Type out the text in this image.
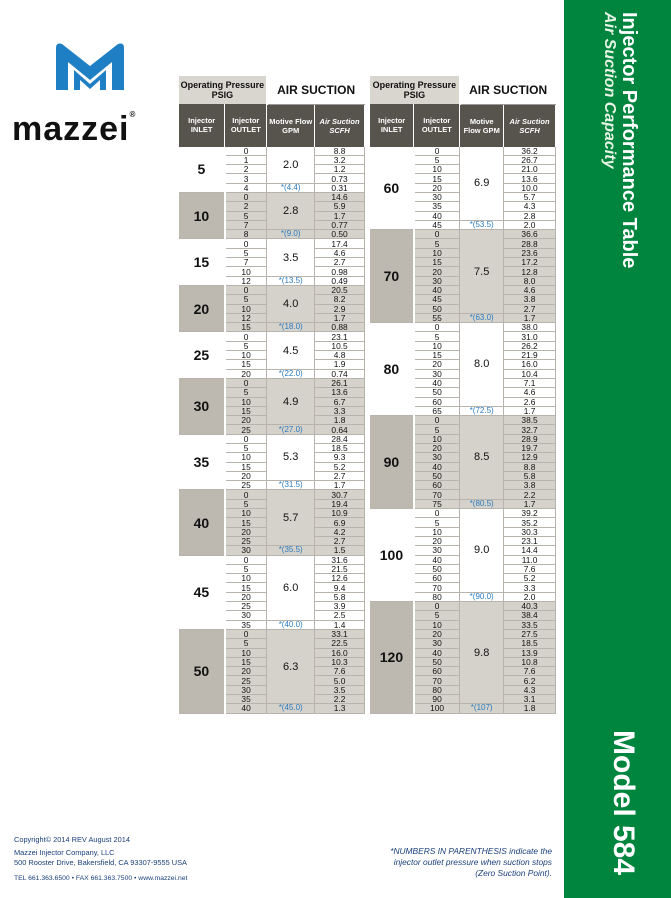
mazzei®	Injector Performance Table
Air Suction Capacity
Model 584
Operating Pressure
PSIG		AIR SUCTION	
Injector INLET	Injector OUTLET	Motive Flow GPM	Air Suction SCFH
5	0	2.0	8.8
	1		3.2
	2		1.2
	3		0.73
	4	*(4.4)	0.31
10	0	2.8	14.6
	2		5.9
	5		1.7
	7		0.77
	8	*(9.0)	0.50
15	0	3.5	17.4
	5		4.6
	7		2.7
	10		0.98
	12	*(13.5)	0.49
20	0	4.0	20.5
	5		8.2
	10		2.9
	12		1.7
	15	*(18.0)	0.88
25	0	4.5	23.1
	5		10.5
	10		4.8
	15		1.9
	20	*(22.0)	0.74
30	0	4.9	26.1
	5		13.6
	10		6.7
	15		3.3
	20		1.8
	25	*(27.0)	0.64
35	0	5.3	28.4
	5		18.5
	10		9.3
	15		5.2
	20		2.7
	25	*(31.5)	1.7
40	0	5.7	30.7
	5		19.4
	10		10.9
	15		6.9
	20		4.2
	25		2.7
	30	*(35.5)	1.5
45	0	6.0	31.6
	5		21.5
	10		12.6
	15		9.4
	20		5.8
	25		3.9
	30		2.5
	35	*(40.0)	1.4
50	0	6.3	33.1
	5		22.5
	10		16.0
	15		10.3
	20		7.6
	25		5.0
	30		3.5
	35		2.2
	40	*(45.0)	1.3
Operating Pressure
PSIG		AIR SUCTION	
Injector INLET	Injector OUTLET	Motive Flow GPM	Air Suction SCFH
60	0	6.9	36.2
	5		26.7
	10		21.0
	15		13.6
	20		10.0
	30		5.7
	35		4.3
	40		2.8
	45	*(53.5)	2.0
70	0	7.5	36.6
	5		28.8
	10		23.6
	15		17.2
	20		12.8
	30		8.0
	40		4.6
	45		3.8
	50		2.7
	55	*(63.0)	1.7
80	0	8.0	38.0
	5		31.0
	10		26.2
	15		21.9
	20		16.0
	30		10.4
	40		7.1
	50		4.6
	60		2.6
	65	*(72.5)	1.7
90	0	8.5	38.5
	5		32.7
	10		28.9
	20		19.7
	30		12.9
	40		8.8
	50		5.8
	60		3.8
	70		2.2
	75	*(80.5)	1.7
100	0	9.0	39.2
	5		35.2
	10		30.3
	20		23.1
	30		14.4
	40		11.0
	50		7.6
	60		5.2
	70		3.3
	80	*(90.0)	2.0
120	0	9.8	40.3
	5		38.4
	10		33.5
	20		27.5
	30		18.5
	40		13.9
	50		10.8
	60		7.6
	70		6.2
	80		4.3
	90		3.1
	100	*(107)	1.8
Copyright© 2014 REV August 2014
Mazzei Injector Company, LLC
500 Rooster Drive, Bakersfield, CA 93307-9555 USA
TEL 661.363.6500 • FAX 661.363.7500 • www.mazzei.net
*NUMBERS IN PARENTHESIS indicate the injector outlet pressure when suction stops (Zero Suction Point).
